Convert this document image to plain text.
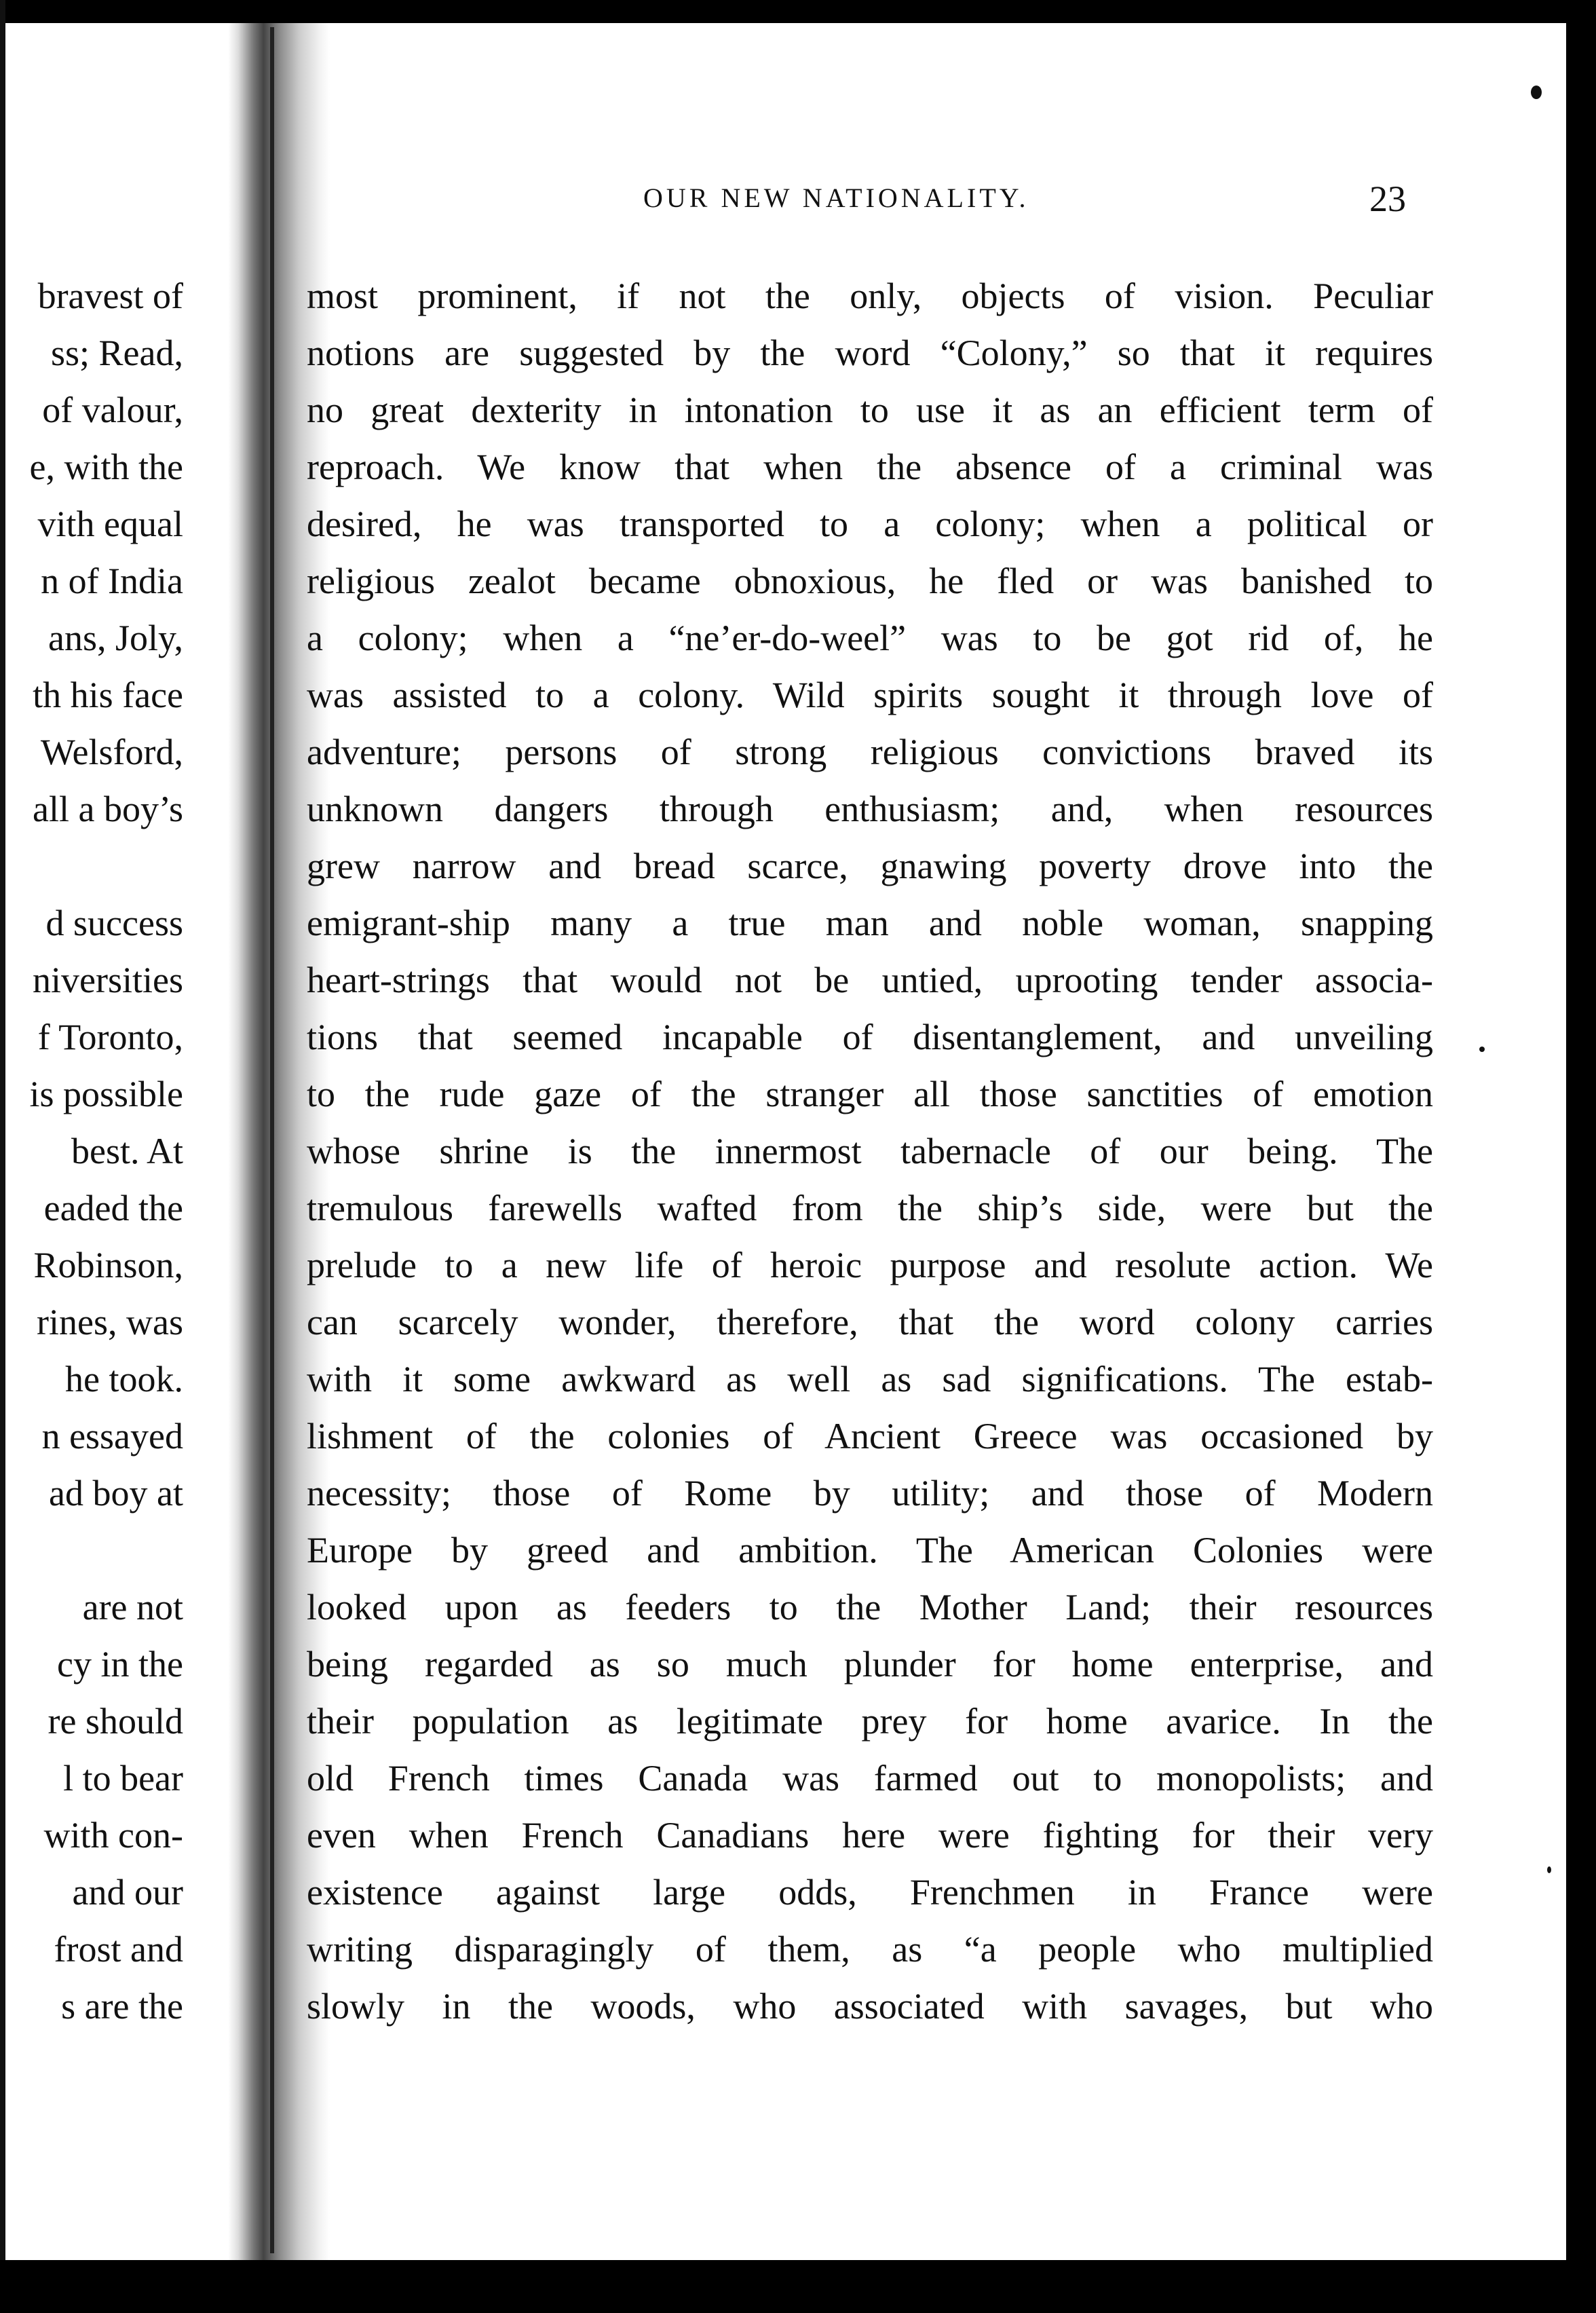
bravest of
ss; Read,
of valour,
e, with the
vith equal
n of India
ans, Joly,
th his face
Welsford,
all a boy’s
d success
niversities
f Toronto,
is possible
best. At
eaded the
Robinson,
rines, was
he took.
n essayed
ad boy at
are not
cy in the
re should
l to bear
with con-
and our
frost and
s are the
OUR NEW NATIONALITY.	23
most prominent, if not the only, objects of vision. Peculiar
notions are suggested by the word “Colony,” so that it requires
no great dexterity in intonation to use it as an efficient term of
reproach. We know that when the absence of a criminal was
desired, he was transported to a colony; when a political or
religious zealot became obnoxious, he fled or was banished to
a colony; when a “ne’er-do-weel” was to be got rid of, he
was assisted to a colony. Wild spirits sought it through love of
adventure; persons of strong religious convictions braved its
unknown dangers through enthusiasm; and, when resources
grew narrow and bread scarce, gnawing poverty drove into the
emigrant-ship many a true man and noble woman, snapping
heart-strings that would not be untied, uprooting tender associa-
tions that seemed incapable of disentanglement, and unveiling
to the rude gaze of the stranger all those sanctities of emotion
whose shrine is the innermost tabernacle of our being. The
tremulous farewells wafted from the ship’s side, were but the
prelude to a new life of heroic purpose and resolute action. We
can scarcely wonder, therefore, that the word colony carries
with it some awkward as well as sad significations. The estab-
lishment of the colonies of Ancient Greece was occasioned by
necessity; those of Rome by utility; and those of Modern
Europe by greed and ambition. The American Colonies were
looked upon as feeders to the Mother Land; their resources
being regarded as so much plunder for home enterprise, and
their population as legitimate prey for home avarice. In the
old French times Canada was farmed out to monopolists; and
even when French Canadians here were fighting for their very
existence against large odds, Frenchmen in France were
writing disparagingly of them, as “a people who multiplied
slowly in the woods, who associated with savages, but who
